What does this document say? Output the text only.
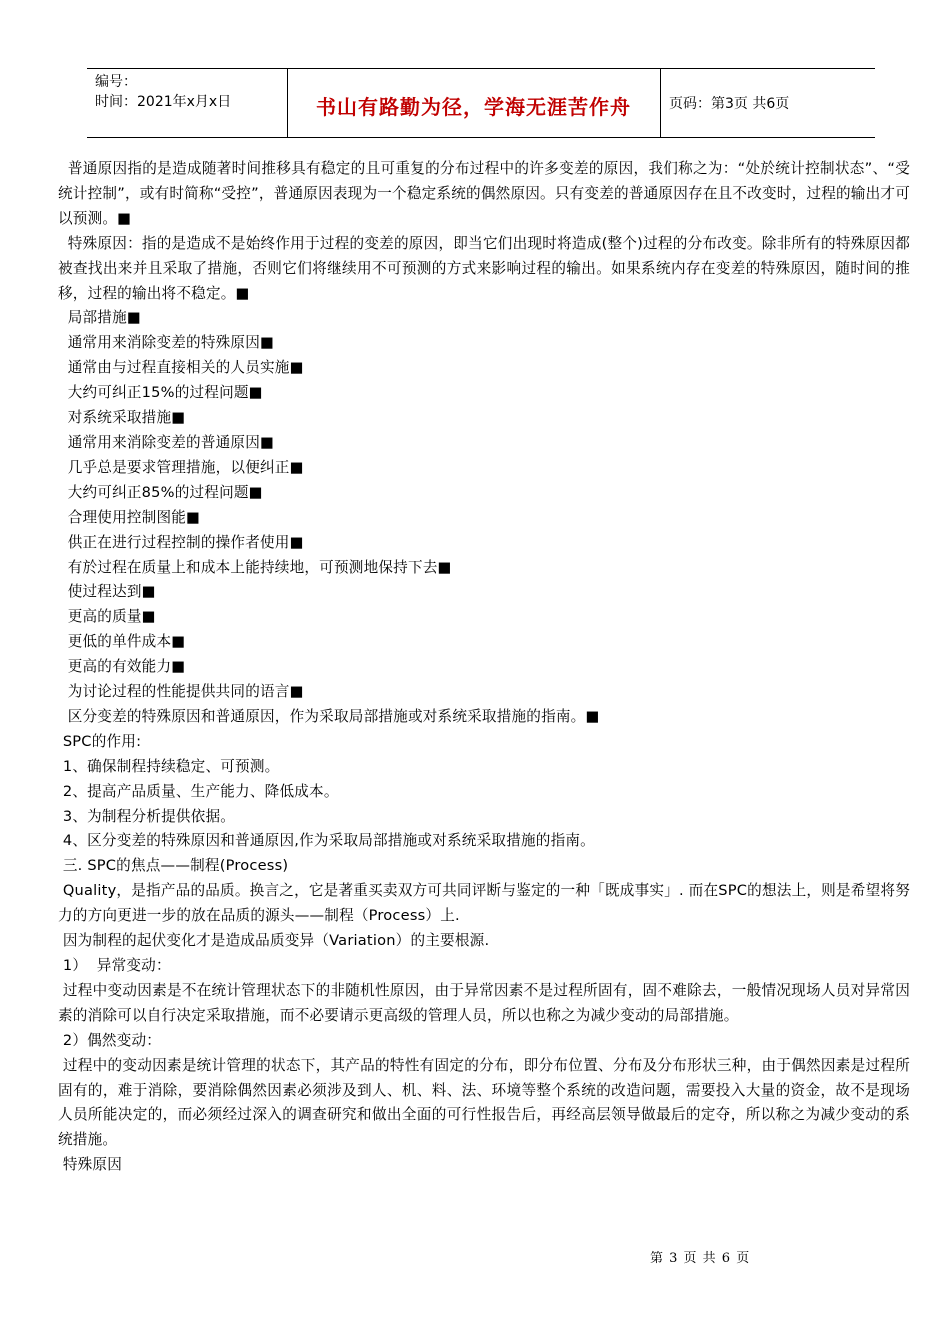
编号：
时间：2021年x月x日	书山有路勤为径，学海无涯苦作舟	页码：第3页 共6页

普通原因指的是造成随著时间推移具有稳定的且可重复的分布过程中的许多变差的原因，我们称之为：“处於统计控制状态”、“受统计控制”，或有时简称“受控”，普通原因表现为一个稳定系统的偶然原因。只有变差的普通原因存在且不改变时，过程的输出才可以预测。■

特殊原因：指的是造成不是始终作用于过程的变差的原因，即当它们出现时将造成(整个)过程的分布改变。除非所有的特殊原因都被查找出来并且采取了措施，否则它们将继续用不可预测的方式来影响过程的输出。如果系统内存在变差的特殊原因，随时间的推移，过程的输出将不稳定。■

局部措施■

通常用来消除变差的特殊原因■

通常由与过程直接相关的人员实施■

大约可纠正15%的过程问题■

对系统采取措施■

通常用来消除变差的普通原因■

几乎总是要求管理措施，以便纠正■

大约可纠正85%的过程问题■

合理使用控制图能■

供正在进行过程控制的操作者使用■

有於过程在质量上和成本上能持续地，可预测地保持下去■

使过程达到■

更高的质量■

更低的单件成本■

更高的有效能力■

为讨论过程的性能提供共同的语言■

区分变差的特殊原因和普通原因，作为采取局部措施或对系统采取措施的指南。■

SPC的作用:

1、确保制程持续稳定、可预测。

2、提高产品质量、生产能力、降低成本。

3、为制程分析提供依据。

4、区分变差的特殊原因和普通原因,作为采取局部措施或对系统采取措施的指南。

三. SPC的焦点——制程(Process)

Quality，是指产品的品质。换言之，它是著重买卖双方可共同评断与鉴定的一种「既成事实」. 而在SPC的想法上，则是希望将努力的方向更进一步的放在品质的源头——制程（Process）上.

因为制程的起伏变化才是造成品质变异（Variation）的主要根源.

1）  异常变动：

过程中变动因素是不在统计管理状态下的非随机性原因，由于异常因素不是过程所固有，固不难除去，一般情况现场人员对异常因素的消除可以自行决定采取措施，而不必要请示更高级的管理人员，所以也称之为减少变动的局部措施。

2）偶然变动：

过程中的变动因素是统计管理的状态下，其产品的特性有固定的分布，即分布位置、分布及分布形状三种，由于偶然因素是过程所固有的，难于消除，要消除偶然因素必须涉及到人、机、料、法、环境等整个系统的改造问题，需要投入大量的资金，故不是现场人员所能决定的，而必须经过深入的调查研究和做出全面的可行性报告后，再经高层领导做最后的定夺，所以称之为减少变动的系统措施。

特殊原因

第 3 页 共 6 页
